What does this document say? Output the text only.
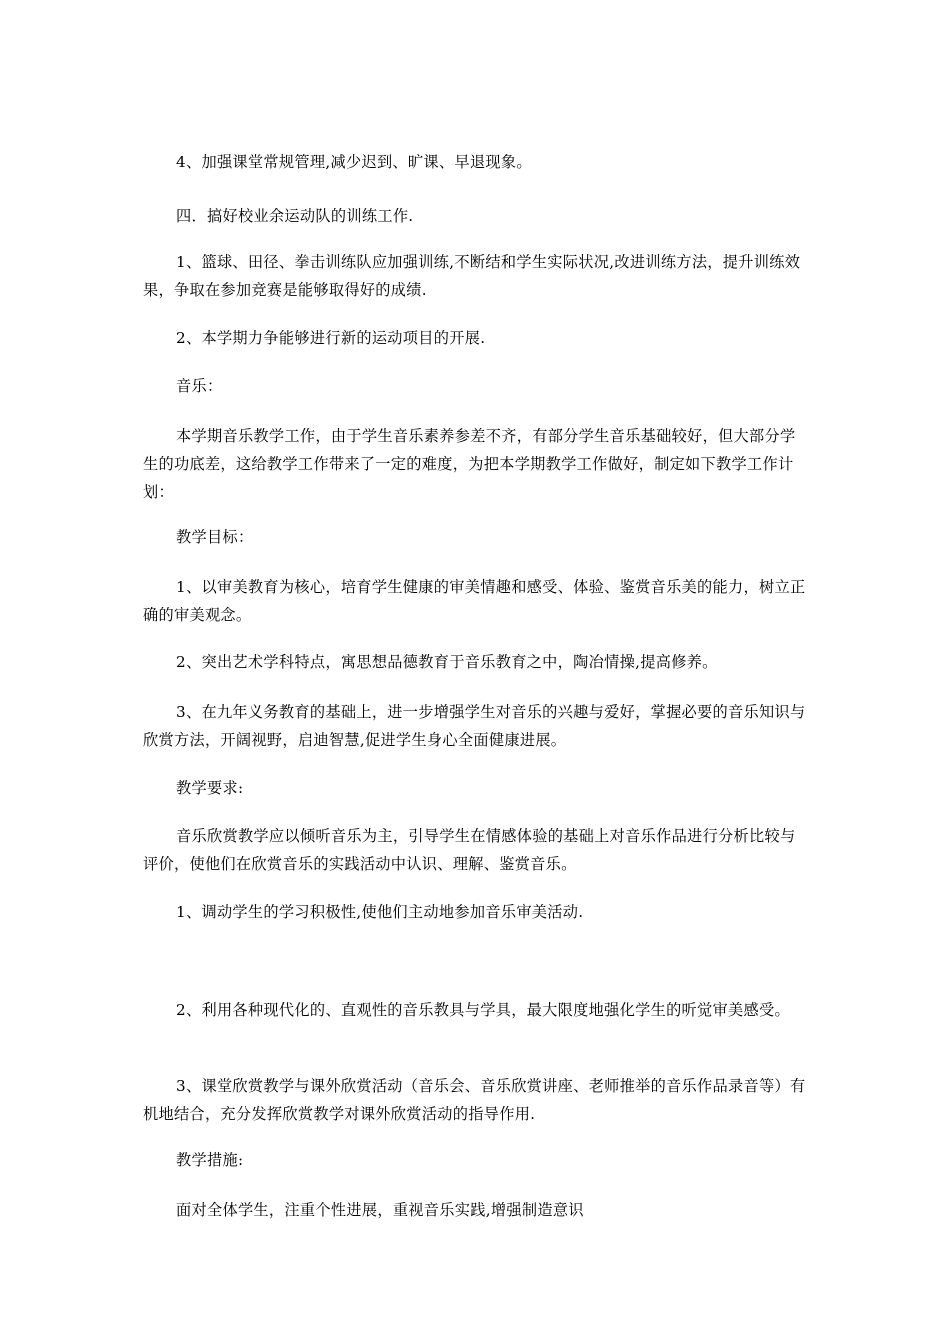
4、加强课堂常规管理,减少迟到、旷课、早退现象。

四．搞好校业余运动队的训练工作.

1、篮球、田径、拳击训练队应加强训练,不断结和学生实际状况,改进训练方法，提升训练效果，争取在参加竞赛是能够取得好的成绩.

2、本学期力争能够进行新的运动项目的开展.

音乐：

本学期音乐教学工作，由于学生音乐素养参差不齐，有部分学生音乐基础较好，但大部分学生的功底差，这给教学工作带来了一定的难度，为把本学期教学工作做好，制定如下教学工作计划：

教学目标：

1、以审美教育为核心，培育学生健康的审美情趣和感受、体验、鉴赏音乐美的能力，树立正确的审美观念。

2、突出艺术学科特点，寓思想品德教育于音乐教育之中，陶冶情操,提高修养。

3、在九年义务教育的基础上，进一步增强学生对音乐的兴趣与爱好，掌握必要的音乐知识与欣赏方法，开阔视野，启迪智慧,促进学生身心全面健康进展。

教学要求:

音乐欣赏教学应以倾听音乐为主，引导学生在情感体验的基础上对音乐作品进行分析比较与评价，使他们在欣赏音乐的实践活动中认识、理解、鉴赏音乐。

1、调动学生的学习积极性,使他们主动地参加音乐审美活动.

2、利用各种现代化的、直观性的音乐教具与学具，最大限度地强化学生的听觉审美感受。

3、课堂欣赏教学与课外欣赏活动（音乐会、音乐欣赏讲座、老师推举的音乐作品录音等）有机地结合，充分发挥欣赏教学对课外欣赏活动的指导作用.

教学措施:

面对全体学生，注重个性进展，重视音乐实践,增强制造意识
